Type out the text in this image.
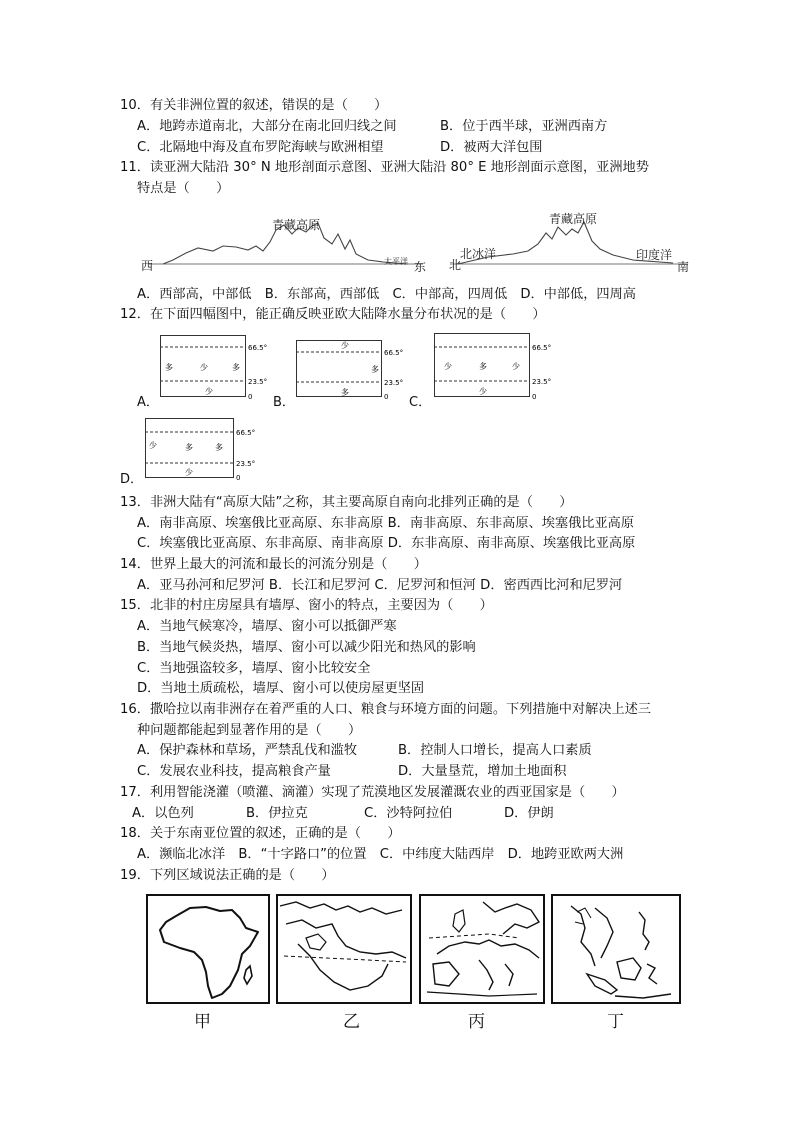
10．有关非洲位置的叙述，错误的是（　　）
A．地跨赤道南北，大部分在南北回归线之间	B．位于西半球，亚洲西南方
C．北隔地中海及直布罗陀海峡与欧洲相望	D．被两大洋包围
11．读亚洲大陆沿 30° N 地形剖面示意图、亚洲大陆沿 80° E 地形剖面示意图，亚洲地势
特点是（　　）
青藏高原
西	太平洋 东
青藏高原
北
北冰洋	印度洋
南
A．西部高，中部低　B．东部高，西部低　C．中部高，四周低　D．中部低，四周高
12．在下面四幅图中，能正确反映亚欧大陆降水量分布状况的是（　　）
A．
66.5°
23.5°
0
多	少	多
少
B．
66.5°
23.5°
0
少
多
多
C．
66.5°
23.5°
0
少	多	少
少
D．
66.5°
23.5°
0
少	多	多
少
13．非洲大陆有“高原大陆”之称，其主要高原自南向北排列正确的是（　　）
A．南非高原、埃塞俄比亚高原、东非高原 B．南非高原、东非高原、埃塞俄比亚高原
C．埃塞俄比亚高原、东非高原、南非高原 D．东非高原、南非高原、埃塞俄比亚高原
14．世界上最大的河流和最长的河流分别是（　　）
A．亚马孙河和尼罗河 B．长江和尼罗河 C．尼罗河和恒河 D．密西西比河和尼罗河
15．北非的村庄房屋具有墙厚、窗小的特点，主要因为（　　）
A．当地气候寒冷，墙厚、窗小可以抵御严寒
B．当地气候炎热，墙厚、窗小可以减少阳光和热风的影响
C．当地强盗较多，墙厚、窗小比较安全
D．当地土质疏松，墙厚、窗小可以使房屋更坚固
16．撒哈拉以南非洲存在着严重的人口、粮食与环境方面的问题。下列措施中对解决上述三
种问题都能起到显著作用的是（　　）
A．保护森林和草场，严禁乱伐和滥牧	B．控制人口增长，提高人口素质
C．发展农业科技，提高粮食产量	D．大量垦荒，增加土地面积
17．利用智能浇灌（喷灌、滴灌）实现了荒漠地区发展灌溉农业的西亚国家是（　　）
A．以色列	B．伊拉克	C．沙特阿拉伯	D．伊朗
18．关于东南亚位置的叙述，正确的是（　　）
A．濒临北冰洋　B．“十字路口”的位置　C．中纬度大陆西岸　D．地跨亚欧两大洲
19．下列区域说法正确的是（　　）
甲	乙	丙	丁
